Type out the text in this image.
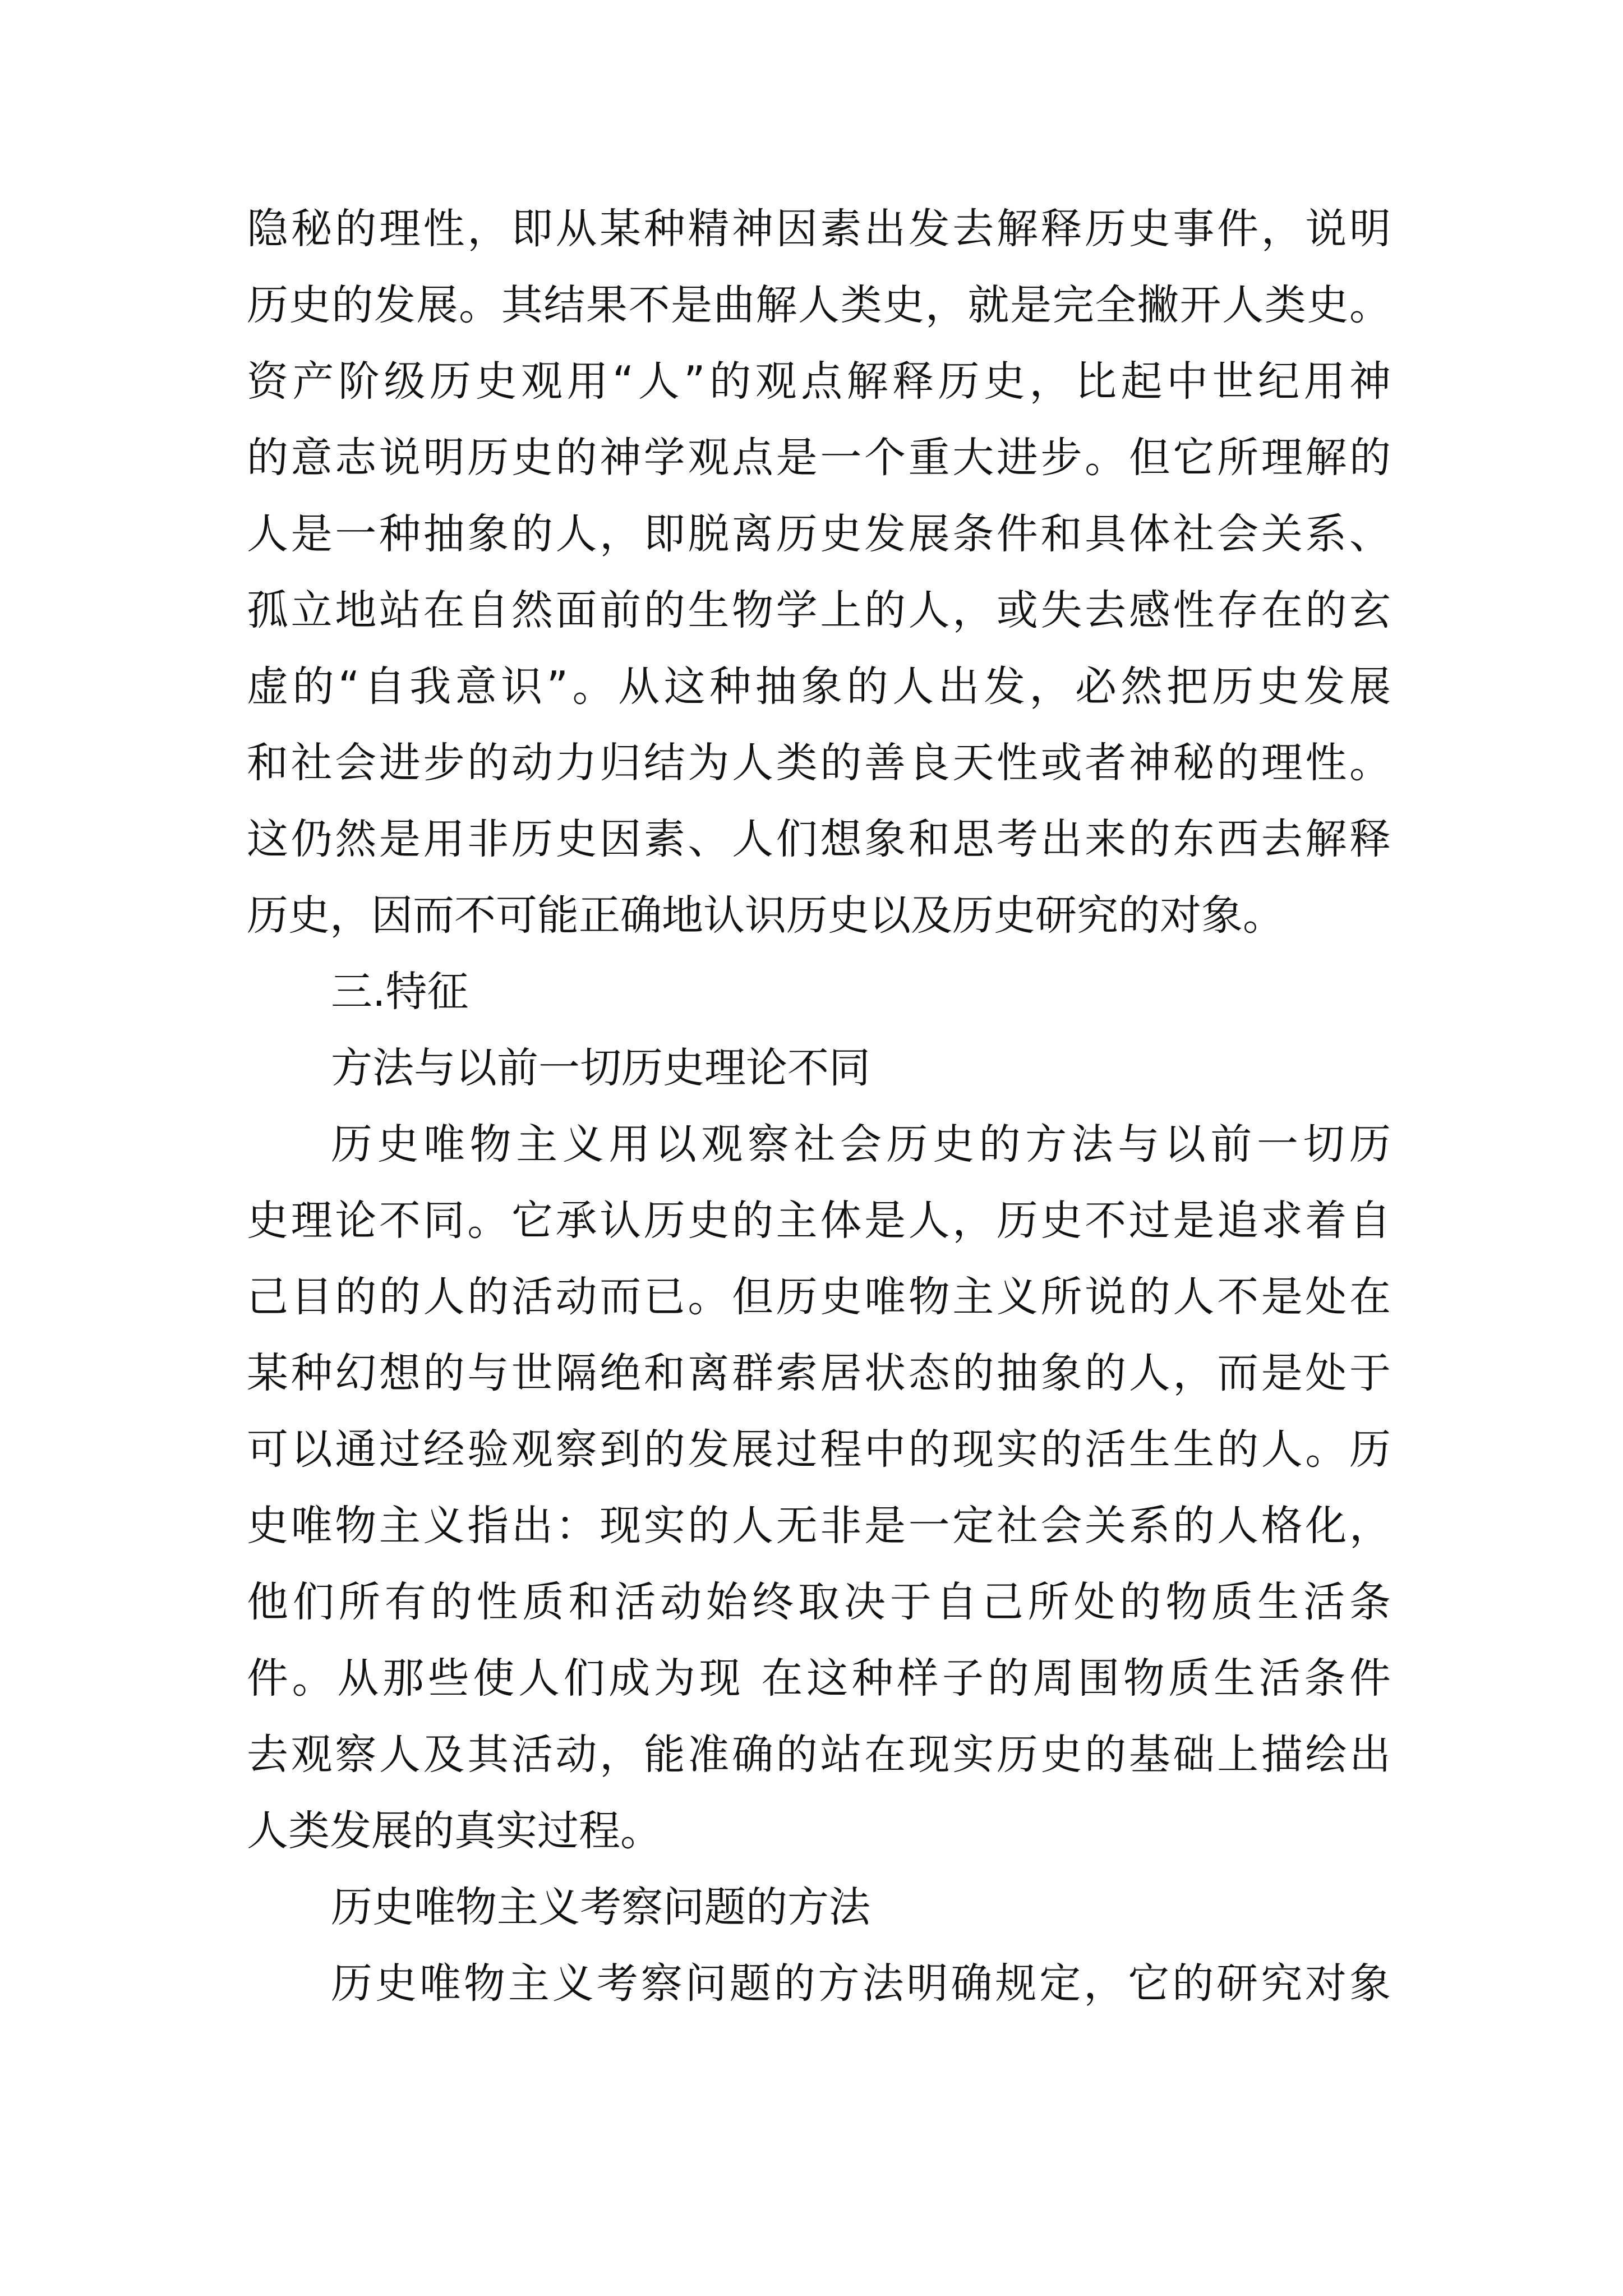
隐秘的理性，即从某种精神因素出发去解释历史事件，说明
历史的发展。其结果不是曲解人类史，就是完全撇开人类史。
资产阶级历史观用“人”的观点解释历史，比起中世纪用神
的意志说明历史的神学观点是一个重大进步。但它所理解的
人是一种抽象的人，即脱离历史发展条件和具体社会关系、
孤立地站在自然面前的生物学上的人，或失去感性存在的玄
虚的“自我意识”。从这种抽象的人出发，必然把历史发展
和社会进步的动力归结为人类的善良天性或者神秘的理性。
这仍然是用非历史因素、人们想象和思考出来的东西去解释
历史，因而不可能正确地认识历史以及历史研究的对象。
三.特征
方法与以前一切历史理论不同
历史唯物主义用以观察社会历史的方法与以前一切历
史理论不同。它承认历史的主体是人，历史不过是追求着自
己目的的人的活动而已。但历史唯物主义所说的人不是处在
某种幻想的与世隔绝和离群索居状态的抽象的人，而是处于
可以通过经验观察到的发展过程中的现实的活生生的人。历
史唯物主义指出：现实的人无非是一定社会关系的人格化，
他们所有的性质和活动始终取决于自己所处的物质生活条
件。从那些使人们成为现 在这种样子的周围物质生活条件
去观察人及其活动，能准确的站在现实历史的基础上描绘出
人类发展的真实过程。
历史唯物主义考察问题的方法
历史唯物主义考察问题的方法明确规定，它的研究对象
